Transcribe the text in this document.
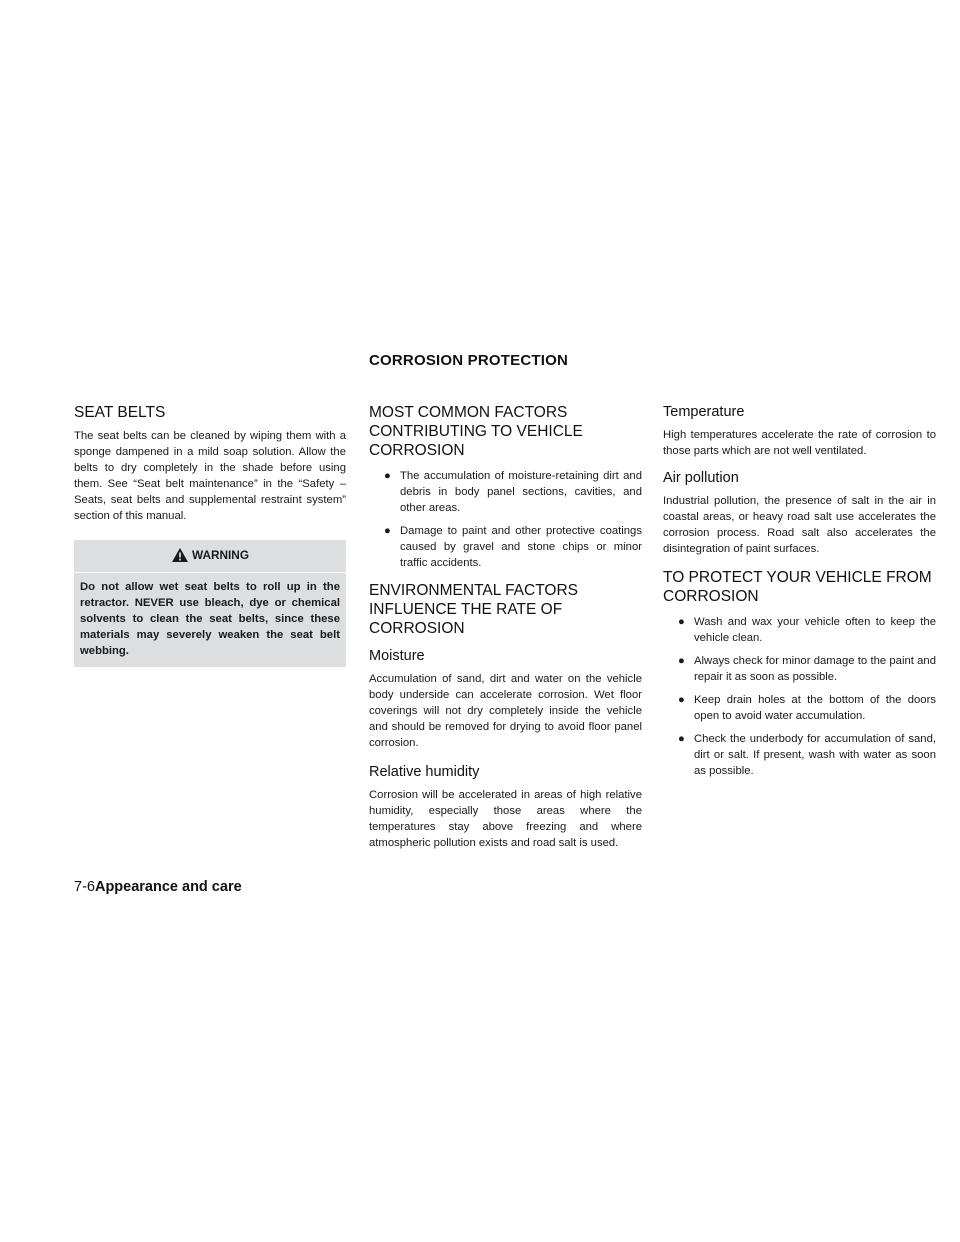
CORROSION PROTECTION
SEAT BELTS

The seat belts can be cleaned by wiping them with a sponge dampened in a mild soap solution. Allow the belts to dry completely in the shade before using them. See “Seat belt maintenance” in the “Safety – Seats, seat belts and supplemental restraint system” section of this manual.

WARNING
Do not allow wet seat belts to roll up in the retractor. NEVER use bleach, dye or chemical solvents to clean the seat belts, since these materials may severely weaken the seat belt webbing.
MOST COMMON FACTORS CONTRIBUTING TO VEHICLE CORROSION
● The accumulation of moisture-retaining dirt and debris in body panel sections, cavities, and other areas.
● Damage to paint and other protective coatings caused by gravel and stone chips or minor traffic accidents.
ENVIRONMENTAL FACTORS INFLUENCE THE RATE OF CORROSION
Moisture

Accumulation of sand, dirt and water on the vehicle body underside can accelerate corrosion. Wet floor coverings will not dry completely inside the vehicle and should be removed for drying to avoid floor panel corrosion.

Relative humidity

Corrosion will be accelerated in areas of high relative humidity, especially those areas where the temperatures stay above freezing and where atmospheric pollution exists and road salt is used.

Temperature

High temperatures accelerate the rate of corrosion to those parts which are not well ventilated.

Air pollution

Industrial pollution, the presence of salt in the air in coastal areas, or heavy road salt use accelerates the corrosion process. Road salt also accelerates the disintegration of paint surfaces.

TO PROTECT YOUR VEHICLE FROM CORROSION
● Wash and wax your vehicle often to keep the vehicle clean.
● Always check for minor damage to the paint and repair it as soon as possible.
● Keep drain holes at the bottom of the doors open to avoid water accumulation.
● Check the underbody for accumulation of sand, dirt or salt. If present, wash with water as soon as possible.
7-6Appearance and care
